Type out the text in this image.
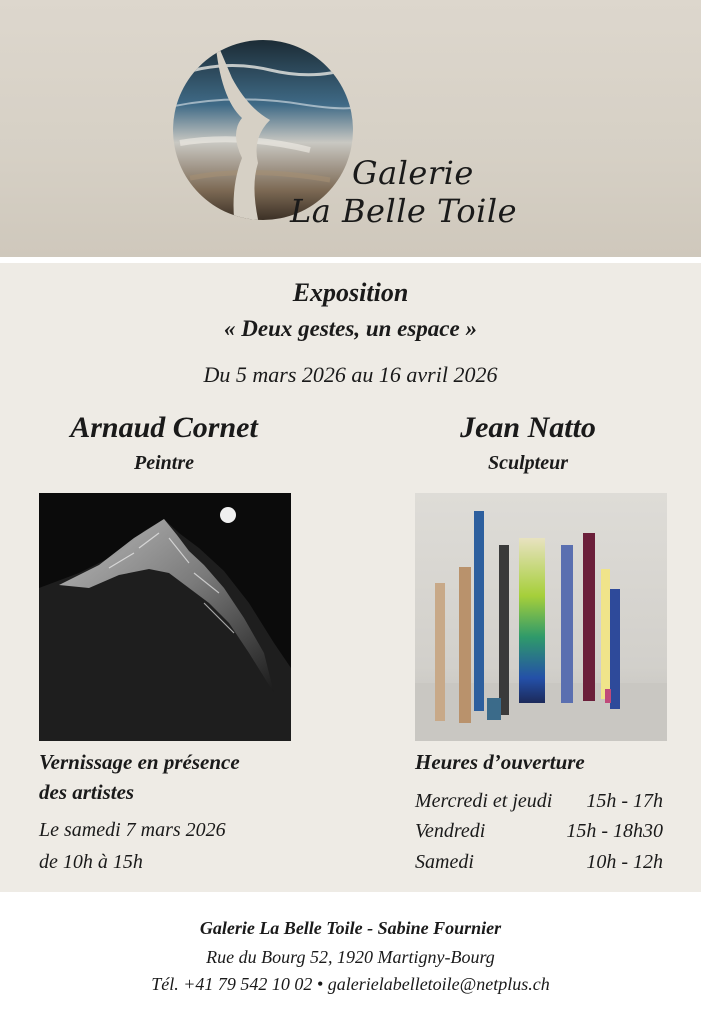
Galerie
La Belle Toile
Exposition
« Deux gestes, un espace »
Du 5 mars 2026 au 16 avril 2026
Arnaud Cornet
Peintre
Jean Natto
Sculpteur
Vernissage en présence
des artistes
Le samedi 7 mars 2026
de 10h à 15h
Heures d’ouverture
Mercredi et jeudi 15h - 17h
Vendredi	15h - 18h30
Samedi	10h - 12h
Galerie La Belle Toile - Sabine Fournier
Rue du Bourg 52, 1920 Martigny-Bourg
Tél. +41 79 542 10 02 • galerielabelletoile@netplus.ch
